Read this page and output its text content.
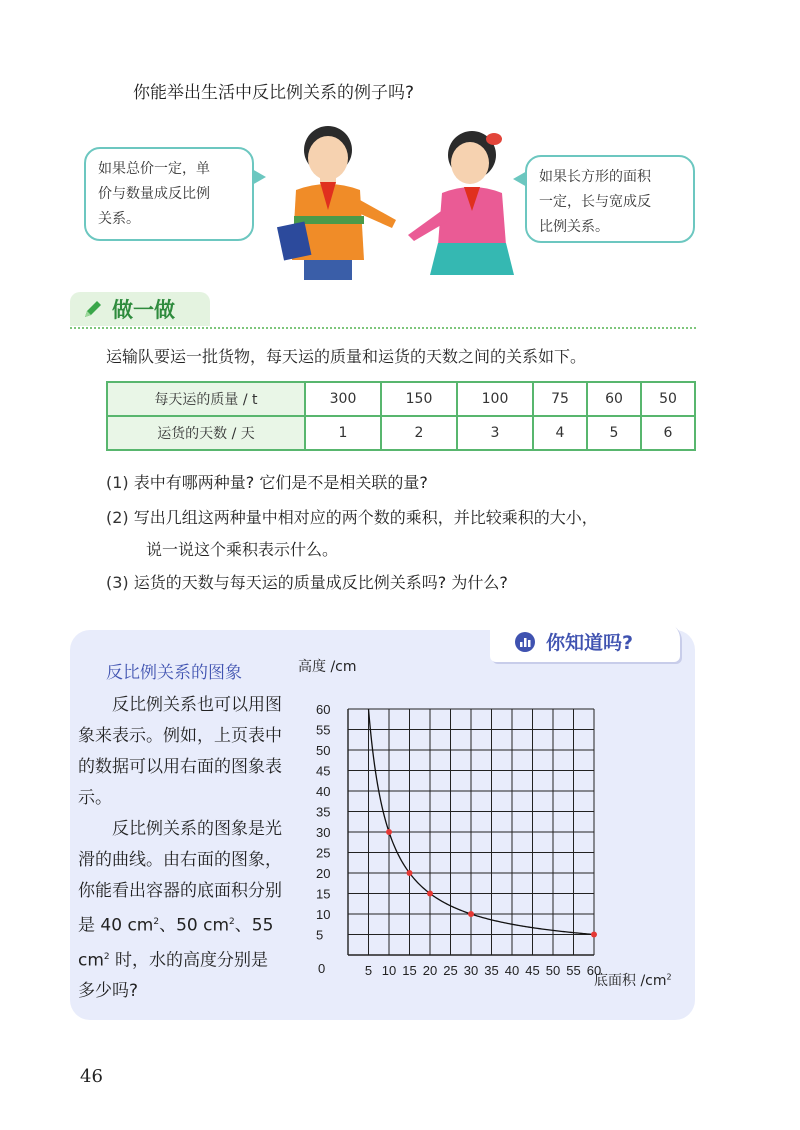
你能举出生活中反比例关系的例子吗?
如果总价一定，单
价与数量成反比例
关系。
如果长方形的面积
一定，长与宽成反
比例关系。
做一做
运输队要运一批货物，每天运的质量和运货的天数之间的关系如下。
每天运的质量 / t	300	150	100	75	60	50
运货的天数 / 天	1	2	3	4	5	6
(1) 表中有哪两种量? 它们是不是相关联的量?
(2) 写出几组这两种量中相对应的两个数的乘积，并比较乘积的大小，
说一说这个乘积表示什么。
(3) 运货的天数与每天运的质量成反比例关系吗? 为什么?
你知道吗?
反比例关系的图象

反比例关系也可以用图象来表示。例如，上页表中的数据可以用右面的图象表示。

反比例关系的图象是光滑的曲线。由右面的图象，你能看出容器的底面积分别是 40 $cm^2$、50 $cm^2$、55 $cm^2$ 时，水的高度分别是多少吗?

高度 /cm
底面积 $/cm^2$
5 10 15 20 25 30 35 40 45 50 55 60
5
10
15
20
25
30
35
40
45
50
55
60
0
46
